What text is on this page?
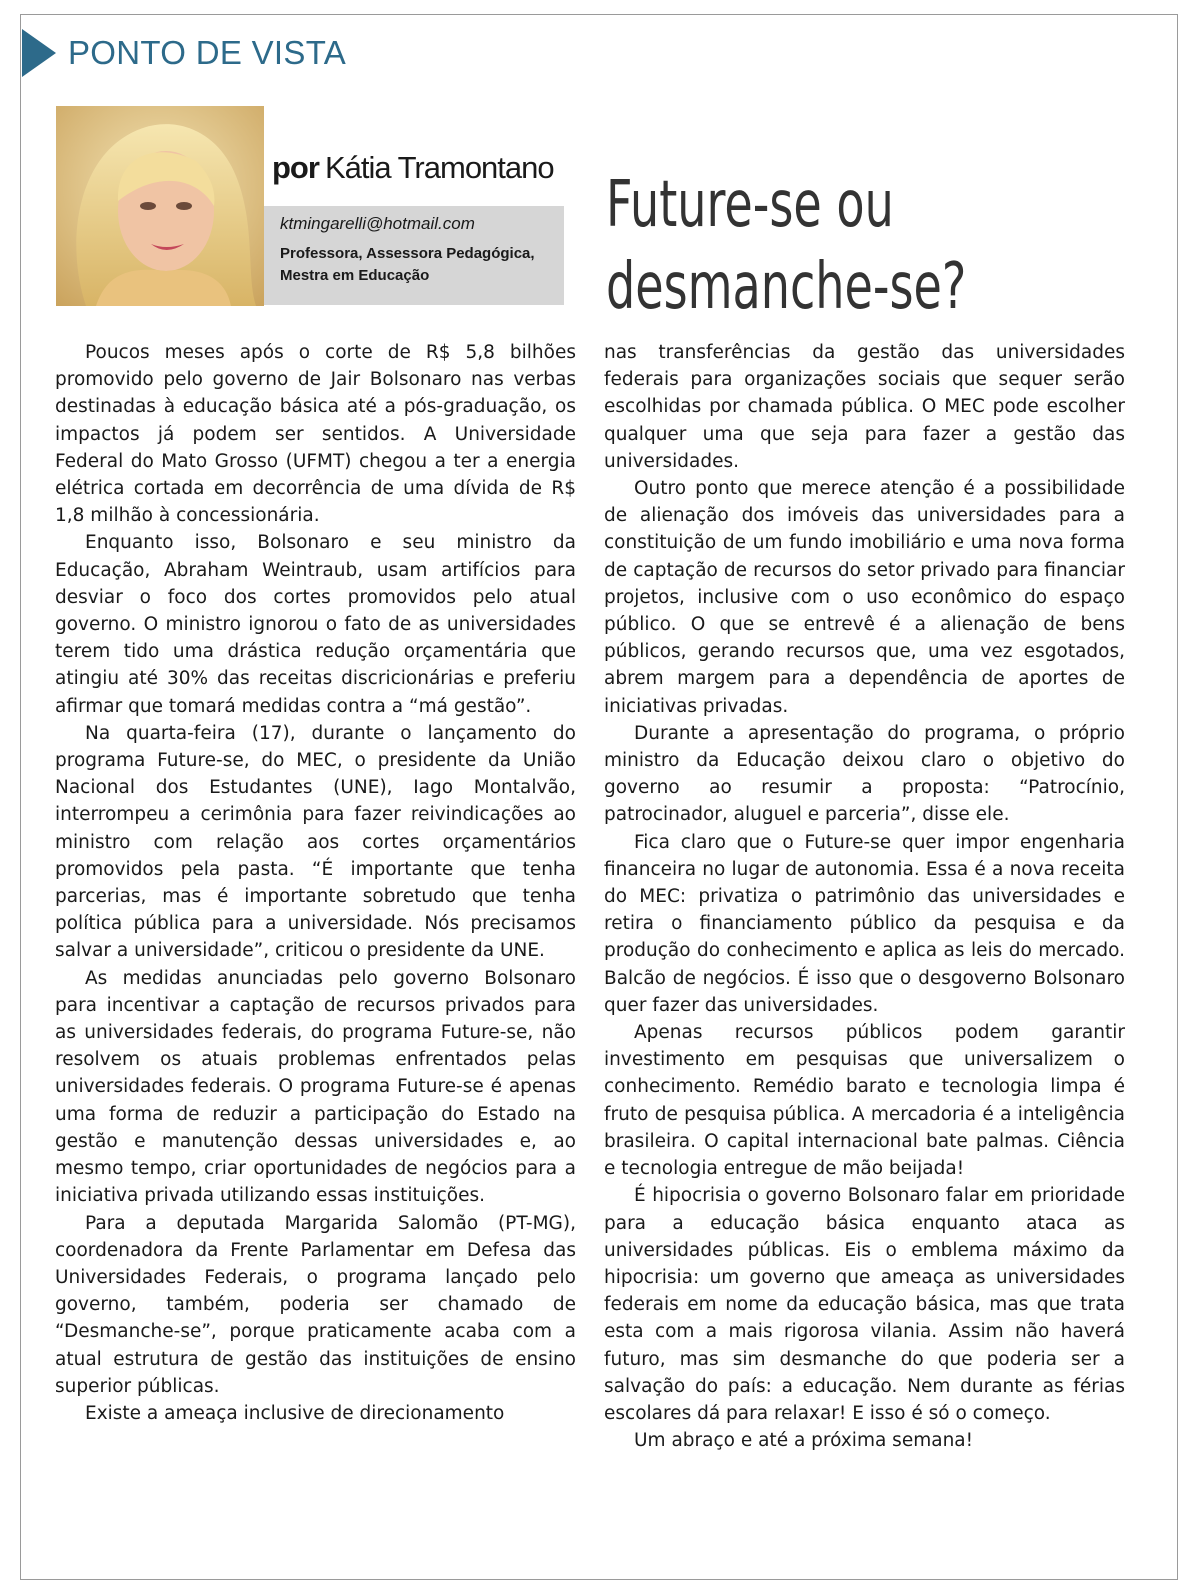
PONTO DE VISTA
por Kátia Tramontano
ktmingarelli@hotmail.com
Professora, Assessora Pedagógica, Mestra em Educação
Future-se ou
desmanche-se?

Poucos meses após o corte de R$ 5,8 bilhões promovido pelo governo de Jair Bolsonaro nas verbas destinadas à educação básica até a pós-graduação, os impactos já podem ser sentidos. A Universidade Federal do Mato Grosso (UFMT) chegou a ter a energia elétrica cortada em decorrência de uma dívida de R$ 1,8 milhão à concessionária.

Enquanto isso, Bolsonaro e seu ministro da Educação, Abraham Weintraub, usam artifícios para desviar o foco dos cortes promovidos pelo atual governo. O ministro ignorou o fato de as universidades terem tido uma drástica redução orçamentária que atingiu até 30% das receitas discricionárias e preferiu afirmar que tomará medidas contra a “má gestão”.

Na quarta-feira (17), durante o lançamento do programa Future-se, do MEC, o presidente da União Nacional dos Estudantes (UNE), Iago Montalvão, interrompeu a cerimônia para fazer reivindicações ao ministro com relação aos cortes orçamentários promovidos pela pasta. “É importante que tenha parcerias, mas é importante sobretudo que tenha política pública para a universidade. Nós precisamos salvar a universidade”, criticou o presidente da UNE.

As medidas anunciadas pelo governo Bolsonaro para incentivar a captação de recursos privados para as universidades federais, do programa Future-se, não resolvem os atuais problemas enfrentados pelas universidades federais. O programa Future-se é apenas uma forma de reduzir a participação do Estado na gestão e manutenção dessas universidades e, ao mesmo tempo, criar oportunidades de negócios para a iniciativa privada utilizando essas instituições.

Para a deputada Margarida Salomão (PT-MG), coordenadora da Frente Parlamentar em Defesa das Universidades Federais, o programa lançado pelo governo, também, poderia ser chamado de “Desmanche-se”, porque praticamente acaba com a atual estrutura de gestão das instituições de ensino superior públicas.

Existe a ameaça inclusive de direcionamento

nas transferências da gestão das universidades federais para organizações sociais que sequer serão escolhidas por chamada pública. O MEC pode escolher qualquer uma que seja para fazer a gestão das universidades.

Outro ponto que merece atenção é a possibilidade de alienação dos imóveis das universidades para a constituição de um fundo imobiliário e uma nova forma de captação de recursos do setor privado para financiar projetos, inclusive com o uso econômico do espaço público. O que se entrevê é a alienação de bens públicos, gerando recursos que, uma vez esgotados, abrem margem para a dependência de aportes de iniciativas privadas.

Durante a apresentação do programa, o próprio ministro da Educação deixou claro o objetivo do governo ao resumir a proposta: “Patrocínio, patrocinador, aluguel e parceria”, disse ele.

Fica claro que o Future-se quer impor engenharia financeira no lugar de autonomia. Essa é a nova receita do MEC: privatiza o patrimônio das universidades e retira o financiamento público da pesquisa e da produção do conhecimento e aplica as leis do mercado. Balcão de negócios. É isso que o desgoverno Bolsonaro quer fazer das universidades.

Apenas recursos públicos podem garantir investimento em pesquisas que universalizem o conhecimento. Remédio barato e tecnologia limpa é fruto de pesquisa pública. A mercadoria é a inteligência brasileira. O capital internacional bate palmas. Ciência e tecnologia entregue de mão beijada!

É hipocrisia o governo Bolsonaro falar em prioridade para a educação básica enquanto ataca as universidades públicas. Eis o emblema máximo da hipocrisia: um governo que ameaça as universidades federais em nome da educação básica, mas que trata esta com a mais rigorosa vilania. Assim não haverá futuro, mas sim desmanche do que poderia ser a salvação do país: a educação. Nem durante as férias escolares dá para relaxar! E isso é só o começo.

Um abraço e até a próxima semana!
